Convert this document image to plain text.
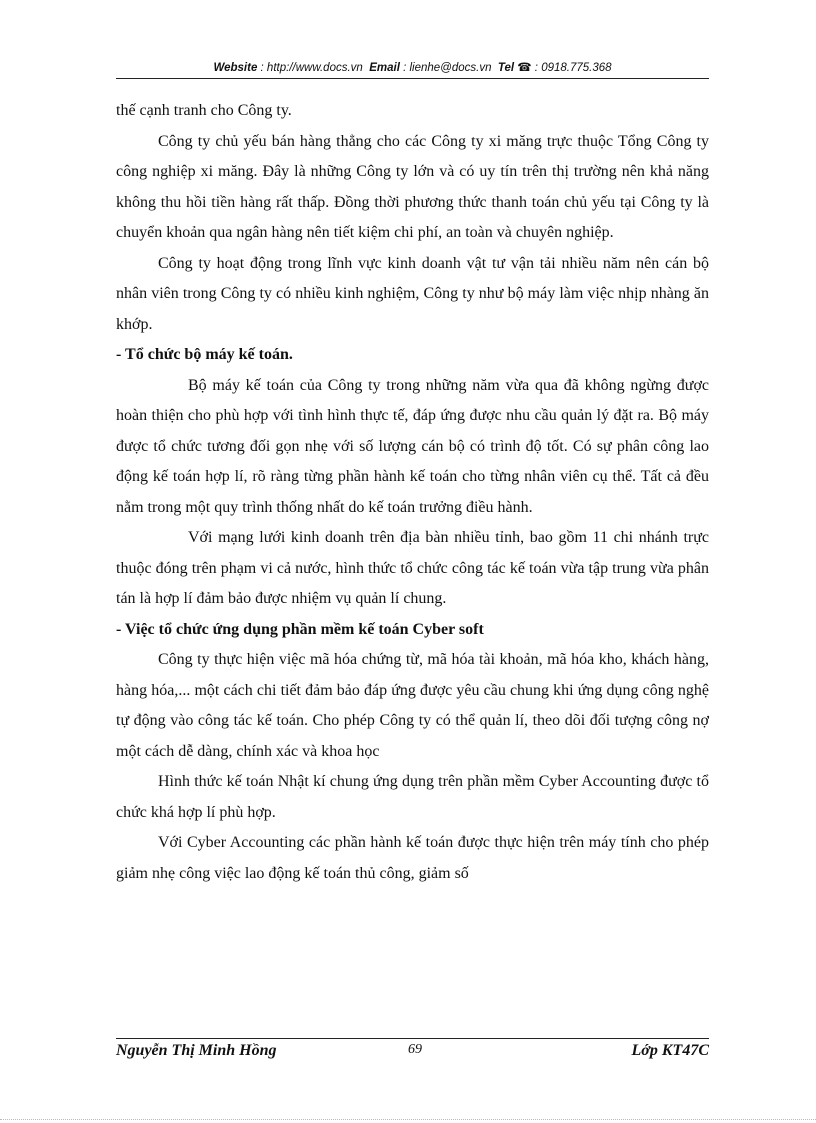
Website : http://www.docs.vn Email : lienhe@docs.vn Tel ☎ : 0918.775.368

thế cạnh tranh cho Công ty.

Công ty chủ yếu bán hàng thẳng cho các Công ty xi măng trực thuộc Tổng Công ty công nghiệp xi măng. Đây là những Công ty lớn và có uy tín trên thị trường nên khả năng không thu hồi tiền hàng rất thấp. Đồng thời phương thức thanh toán chủ yếu tại Công ty là chuyển khoản qua ngân hàng nên tiết kiệm chi phí, an toàn và chuyên nghiệp.

Công ty hoạt động trong lĩnh vực kinh doanh vật tư vận tải nhiều năm nên cán bộ nhân viên trong Công ty có nhiều kinh nghiệm, Công ty như bộ máy làm việc nhịp nhàng ăn khớp.

- Tổ chức bộ máy kế toán.

Bộ máy kế toán của Công ty trong những năm vừa qua đã không ngừng được hoàn thiện cho phù hợp với tình hình thực tế, đáp ứng được nhu cầu quản lý đặt ra. Bộ máy được tổ chức tương đối gọn nhẹ với số lượng cán bộ có trình độ tốt. Có sự phân công lao động kế toán hợp lí, rõ ràng từng phần hành kế toán cho từng nhân viên cụ thể. Tất cả đều nằm trong một quy trình thống nhất do kế toán trưởng điều hành.

Với mạng lưới kinh doanh trên địa bàn nhiều tỉnh, bao gồm 11 chi nhánh trực thuộc đóng trên phạm vi cả nước, hình thức tổ chức công tác kế toán vừa tập trung vừa phân tán là hợp lí đảm bảo được nhiệm vụ quản lí chung.

- Việc tổ chức ứng dụng phần mềm kế toán Cyber soft

Công ty thực hiện việc mã hóa chứng từ, mã hóa tài khoản, mã hóa kho, khách hàng, hàng hóa,... một cách chi tiết đảm bảo đáp ứng được yêu cầu chung khi ứng dụng công nghệ tự động vào công tác kế toán. Cho phép Công ty có thể quản lí, theo dõi đối tượng công nợ một cách dễ dàng, chính xác và khoa học

Hình thức kế toán Nhật kí chung ứng dụng trên phần mềm Cyber Accounting được tổ chức khá hợp lí phù hợp.

Với Cyber Accounting các phần hành kế toán được thực hiện trên máy tính cho phép giảm nhẹ công việc lao động kế toán thủ công, giảm số

Nguyễn Thị Minh Hồng	69	Lớp KT47C
